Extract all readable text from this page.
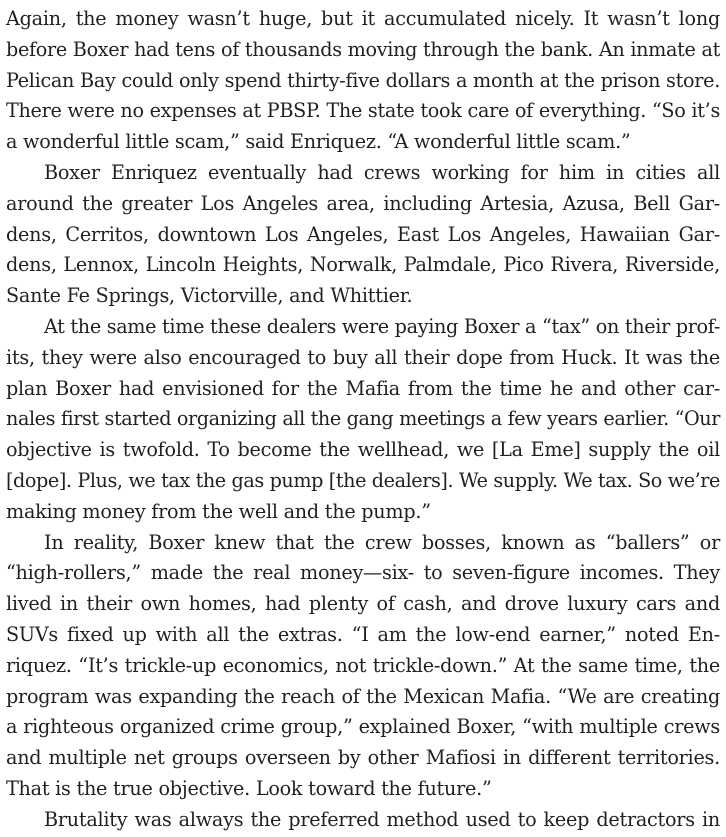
Again, the money wasn’t huge, but it accumulated nicely. It wasn’t long
before Boxer had tens of thousands moving through the bank. An inmate at
Pelican Bay could only spend thirty-five dollars a month at the prison store.
There were no expenses at PBSP. The state took care of everything. “So it’s
a wonderful little scam,” said Enriquez. “A wonderful little scam.”
Boxer Enriquez eventually had crews working for him in cities all
around the greater Los Angeles area, including Artesia, Azusa, Bell Gar-
dens, Cerritos, downtown Los Angeles, East Los Angeles, Hawaiian Gar-
dens, Lennox, Lincoln Heights, Norwalk, Palmdale, Pico Rivera, Riverside,
Sante Fe Springs, Victorville, and Whittier.
At the same time these dealers were paying Boxer a “tax” on their prof-
its, they were also encouraged to buy all their dope from Huck. It was the
plan Boxer had envisioned for the Mafia from the time he and other car-
nales first started organizing all the gang meetings a few years earlier. “Our
objective is twofold. To become the wellhead, we [La Eme] supply the oil
[dope]. Plus, we tax the gas pump [the dealers]. We supply. We tax. So we’re
making money from the well and the pump.”
In reality, Boxer knew that the crew bosses, known as “ballers” or
“high-rollers,” made the real money—six- to seven-figure incomes. They
lived in their own homes, had plenty of cash, and drove luxury cars and
SUVs fixed up with all the extras. “I am the low-end earner,” noted En-
riquez. “It’s trickle-up economics, not trickle-down.” At the same time, the
program was expanding the reach of the Mexican Mafia. “We are creating
a righteous organized crime group,” explained Boxer, “with multiple crews
and multiple net groups overseen by other Mafiosi in different territories.
That is the true objective. Look toward the future.”
Brutality was always the preferred method used to keep detractors in
